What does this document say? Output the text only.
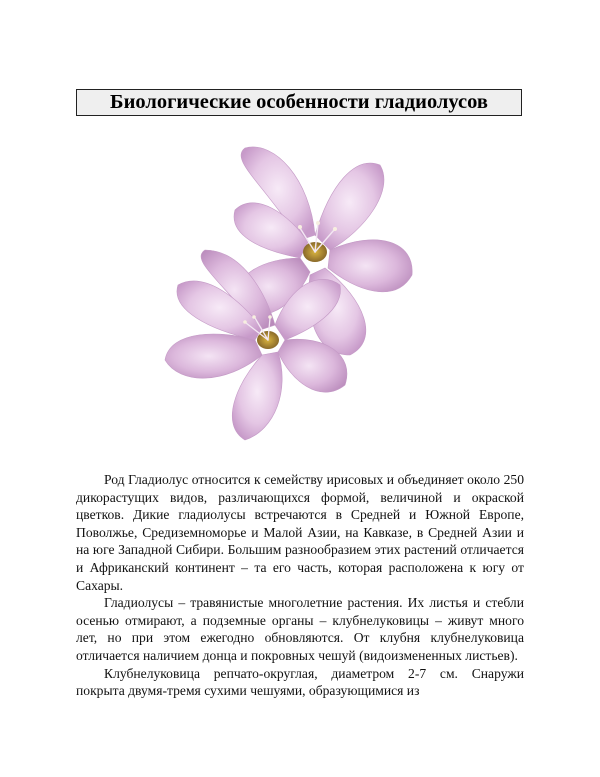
Биологические особенности гладиолусов

Род Гладиолус относится к семейству ирисовых и объединяет около 250 дикорастущих видов, различающихся формой, величиной и окраской цветков. Дикие гладиолусы встречаются в Средней и Южной Европе, Поволжье, Средиземноморье и Малой Азии, на Кавказе, в Средней Азии и на юге Западной Сибири. Большим разнообразием этих растений отличается и Африканский континент – та его часть, которая расположена к югу от Сахары.

Гладиолусы – травянистые многолетние растения. Их листья и стебли осенью отмирают, а подземные органы – клубнелуковицы – живут много лет, но при этом ежегодно обновляются. От клубня клубнелуковица отличается наличием донца и покровных чешуй (видоизмененных листьев).

Клубнелуковица репчато-округлая, диаметром 2-7 см. Снаружи покрыта двумя-тремя сухими чешуями, образующимися из
